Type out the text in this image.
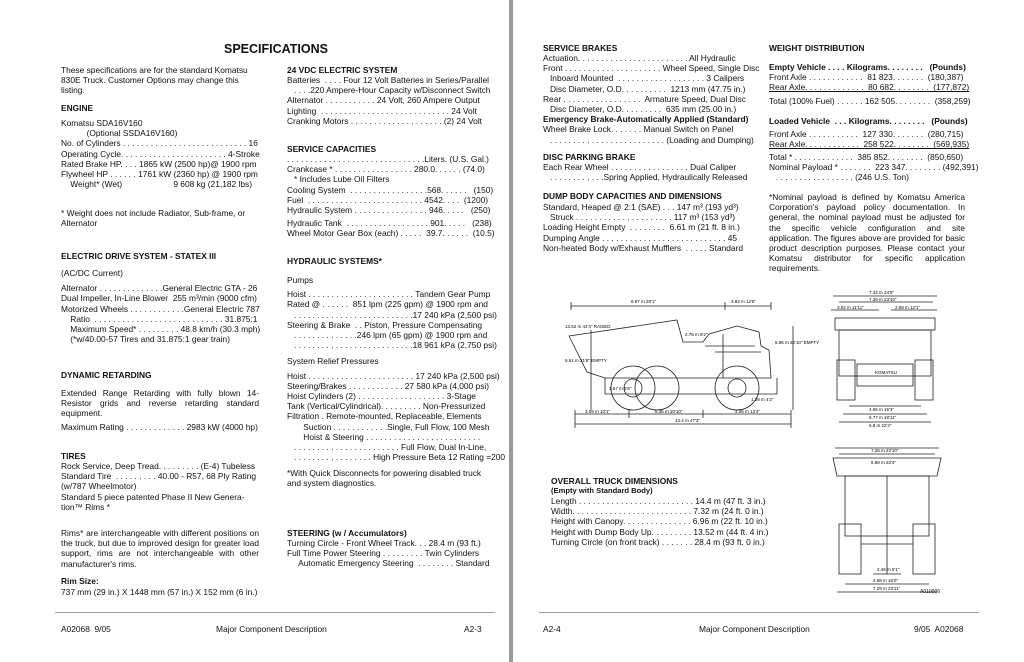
SPECIFICATIONS
These specifications are for the standard Komatsu 830E Truck. Customer Options may change this listing.
ENGINE
Komatsu SDA16V160
(Optional SSDA16V160)
No. of Cylinders . . . . . . . . . . . . . . . . . . . . . . . . . . . 16
Operating Cycle. . . . . . . . . . . . . . . . . . . . . . . 4-Stroke
Rated Brake HP. . . . 1865 kW (2500 hp)@ 1900 rpm
Flywheel HP . . . . . . 1761 kW (2360 hp) @ 1900 rpm
Weight* (Wet)                      9 608 kg (21,182 lbs)
* Weight does not include Radiator, Sub-frame, or Alternator
ELECTRIC DRIVE SYSTEM - STATEX III
(AC/DC Current)
Alternator . . . . . . . . . . . . . .General Electric GTA - 26
Dual Impeller, In-Line Blower  255 m³/min (9000 cfm)
Motorized Wheels . . . . . . . . . . . .General Electric 787
Ratio  . . . . . . . . . . . . . . . . . . . . . . . . . . . . 31.875:1
Maximum Speed* . . . . . . . . . 48.8 km/h (30.3 mph)
(*w/40.00-57 Tires and 31.875:1 gear train)
DYNAMIC RETARDING
Extended Range Retarding with fully blown 14-Resistor grids and reverse retarding standard equipment.
Maximum Rating . . . . . . . . . . . . . 2983 kW (4000 hp)
TIRES
Rock Service, Deep Tread. . . . . . . . . (E-4) Tubeless
Standard Tire  . . . . . . . . . 40.00 - R57, 68 Ply Rating
(w/787 Wheelmotor)
Standard 5 piece patented Phase II New Genera-
tion™ Rims *
Rims* are interchangeable with different positions on the truck, but due to improved design for greater load support, rims are not interchangeable with other manufacturer's rims.
Rim Size:
737 mm (29 in.) X 1448 mm (57 in.) X 152 mm (6 in.)
24 VDC ELECTRIC SYSTEM
Batteries  . . . . Four 12 Volt Batteries in Series/Parallel
. . . .220 Ampere-Hour Capacity w/Disconnect Switch
Alternator . . . . . . . . . . . 24 Volt, 260 Ampere Output
Lighting  . . . . . . . . . . . . . . . . . . . . . . . . . . . . 24 Volt
Cranking Motors . . . . . . . . . . . . . . . . . . . . (2) 24 Volt
SERVICE CAPACITIES
. . . . . . . . . . . . . . . . . . . . . . . . . . . . . .Liters. (U.S. Gal.)
Crankcase * . . . . . . . . . . . . . . . . . 280.0. . . . . . (74.0)
* Includes Lube Oil Filters
Cooling System  . . . . . . . . . . . . . . . . .568. . . . . .   (150)
Fuel  . . . . . . . . . . . . . . . . . . . . . . . . . 4542. . . .  (1200)
Hydraulic System . . . . . . . . . . . . . . . . 946. . . . .   (250)
Hydraulic Tank  . . . . . . . . . . . . . . . . . . 901. . . . .   (238)
Wheel Motor Gear Box (each) . . . . .  39.7. . . . . .  (10.5)
HYDRAULIC SYSTEMS*
Pumps
Hoist . . . . . . . . . . . . . . . . . . . . . . . Tandem Gear Pump
Rated @ . . . . . .  851 lpm (225 gpm) @ 1900 rpm and
. . . . . . . . . . . . . . . . . . . . . . . . . .17 240 kPa (2,500 psi)
Steering & Brake  . . Piston, Pressure Compensating
. . . . . . . . . . . . . .246 lpm (65 gpm) @ 1900 rpm and
. . . . . . . . . . . . . . . . . . . . . . . . . .18 961 kPa (2,750 psi)
System Relief Pressures
Hoist . . . . . . . . . . . . . . . . . . . . . . . 17 240 kPa (2,500 psi)
Steering/Brakes . . . . . . . . . . . . 27 580 kPa (4,000 psi)
Hoist Cylinders (2) . . . . . . . . . . . . . . . . . . . 3-Stage
Tank (Vertical/Cylindrical). . . . . . . . . Non-Pressurized
Filtration . Remote-mounted, Replaceable, Elements
Suction . . . . . . . . . . . .Single, Full Flow, 100 Mesh
Hoist & Steering . . . . . . . . . . . . . . . . . . . . . . . . .
. . . . . . . . . . . . . . . . . . . . . . . Full Flow, Dual In-Line,
. . . . . . . . . . . . . . . . . High Pressure Beta 12 Rating =200
*With Quick Disconnects for powering disabled truck and system diagnostics.
STEERING (w / Accumulators)
Turning Circle - Front Wheel Track. . . 28.4 m (93 ft.)
Full Time Power Steering . . . . . . . . . Twin Cylinders
Automatic Emergency Steering  . . . . . . . . Standard
A02068  9/05	Major Component Description	A2-3
SERVICE BRAKES
Actuation. . . . . . . . . . . . . . . . . . . . . . . . All Hydraulic
Front . . . . . . . . . . . . . . . . . . . . . Wheel Speed, Single Disc
Inboard Mounted  . . . . . . . . . . . . . . . . . . . 3 Calipers
Disc Diameter, O.D. . . . . . . . . .  1213 mm (47.75 in.)
Rear . . . . . . . . . . . . . . . . .  Armature Speed, Dual Disc
Disc Diameter, O.D. . . . . . . . .  635 mm (25.00 in.)
Emergency Brake-Automatically Applied (Standard)
Wheel Brake Lock. . . . . . . Manual Switch on Panel
. . . . . . . . . . . . . . . . . . . . . . . . . (Loading and Dumping)
DISC PARKING BRAKE
Each Rear Wheel . . . . . . . . . . . . . . . . . Dual Caliper
. . . . . . . . . . . .Spring Applied, Hydraulically Released
DUMP BODY CAPACITIES AND DIMENSIONS
Standard, Heaped @ 2:1 (SAE) . . . 147 m³ (193 yd³)
Struck . . . . . . . . . . . . . . . . . . . . . 117 m³ (153 yd³)
Loading Height Empty  . . . . . . . .  6.61 m (21 ft. 8 in.)
Dumping Angle . . . . . . . . . . . . . . . . . . . . . . . . . . . 45
Non-heated Body w/Exhaust Mufflers  . . . . . Standard
WEIGHT DISTRIBUTION
Empty Vehicle . . . . Kilograms. . . . . . . .   (Pounds)
Front Axle . . . . . . . . . . . .  81 823. . . . . . .  (180,387)
Rear Axle. . . . . . . . . . . . .  80 682. . . . . . . .  (177,872)
Total (100% Fuel) . . . . . . 162 505. . . . . . . .  (358,259)
Loaded Vehicle  . . . Kilograms. . . . . . . .   (Pounds)
Front Axle . . . . . . . . . . .  127 330. . . . . . .  (280,715)
Rear Axle. . . . . . . . . . . .  258 522. . . . . . . .  (569,935)
Total * . . . . . . . . . . . . .  385 852. . . . . . . .  (850,650)
Nominal Payload * . . . . . . .  223 347. . . . . . . . (492,391)
. . . . . . . . . . . . . . . . . (246 U.S. Ton)
*Nominal payload is defined by Komatsu America Corporation's payload policy documentation. In general, the nominal payload must be adjusted for the specific vehicle configuration and site application. The figures above are provided for basic product description purposes. Please contact your Komatsu distributor for specific application requirements.
8.87 m 29'1"	3.83 m 12'6"
13.52 m 44'4" RAISED
2.78 m 9'2"
6.96 m 22'10" EMPTY
6.61 m 21'8" EMPTY
1.67 m 5'6"
1.28 m 4'2"
3.09 m 10'1"	6.35 m 20'10"	4.06 m 13'4"
14.4 m 47'3"
7.32 m 24'0"
7.28 m 23'10"
3.02 m 11'11"	2.68 m 12'1"
KOMATSU
4.65 m 15'3"
5.77 m 18'11"
6.8 m 22'4"
7.28 m 23'10"
6.88 m 22'4"
2.46 m 8'1"
4.88 m 16'0"
7.29 m 23'11"
A010006
OVERALL TRUCK DIMENSIONS
(Empty with Standard Body)
Length . . . . . . . . . . . . . . . . . . . . . . . . . 14.4 m (47 ft. 3 in.)
Width. . . . . . . . . . . . . . . . . . . . . . . . . . 7.32 m (24 ft. 0 in.)
Height with Canopy. . . . . . . . . . . . . . . 6.96 m (22 ft. 10 in.)
Height with Dump Body Up. . . . . . . . . 13.52 m (44 ft. 4 in.)
Turning Circle (on front track) . . . . . . . 28.4 m (93 ft. 0 in.)
A2-4	Major Component Description	9/05  A02068
